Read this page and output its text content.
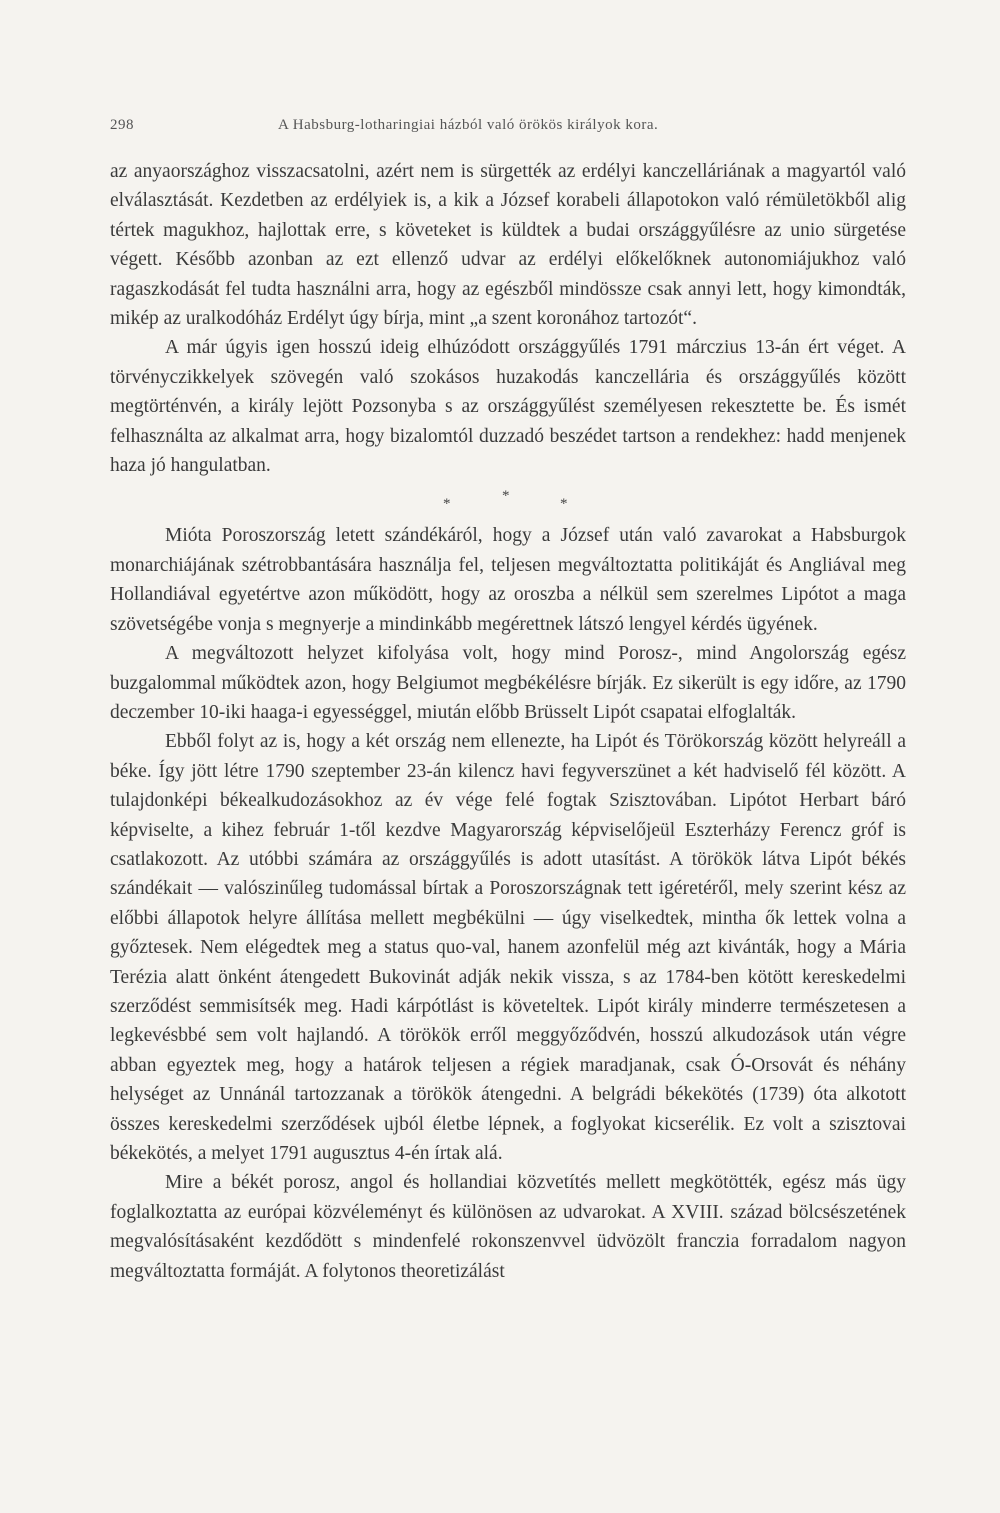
298	A Habsburg-lotharingiai házból való örökös királyok kora.

az anyaországhoz visszacsatolni, azért nem is sürgették az erdélyi kanczelláriának a magyartól való elválasztását. Kezdetben az erdélyiek is, a kik a József korabeli állapotokon való rémületökből alig tértek magukhoz, hajlottak erre, s követeket is küldtek a budai országgyűlésre az unio sürgetése végett. Később azonban az ezt ellenző udvar az erdélyi előkelőknek autonomiájukhoz való ragaszkodását fel tudta használni arra, hogy az egészből mindössze csak annyi lett, hogy kimondták, mikép az uralkodóház Erdélyt úgy bírja, mint „a szent koronához tartozót“.

A már úgyis igen hosszú ideig elhúzódott országgyűlés 1791 márczius 13-án ért véget. A törvényczikkelyek szövegén való szokásos huzakodás kanczellária és országgyűlés között megtörténvén, a király lejött Pozsonyba s az országgyűlést személyesen rekesztette be. És ismét felhasználta az alkalmat arra, hogy bizalomtól duzzadó beszédet tartson a rendekhez: hadd menjenek haza jó hangulatban.

*	*	*

Mióta Poroszország letett szándékáról, hogy a József után való zavarokat a Habsburgok monarchiájának szétrobbantására használja fel, teljesen megváltoztatta politikáját és Angliával meg Hollandiával egyetértve azon működött, hogy az oroszba a nélkül sem szerelmes Lipótot a maga szövetségébe vonja s megnyerje a mindinkább megérettnek látszó lengyel kérdés ügyének.

A megváltozott helyzet kifolyása volt, hogy mind Porosz-, mind Angolország egész buzgalommal működtek azon, hogy Belgiumot megbékélésre bírják. Ez sikerült is egy időre, az 1790 deczember 10-iki haaga-i egyességgel, miután előbb Brüsselt Lipót csapatai elfoglalták.

Ebből folyt az is, hogy a két ország nem ellenezte, ha Lipót és Törökország között helyreáll a béke. Így jött létre 1790 szeptember 23-án kilencz havi fegyverszünet a két hadviselő fél között. A tulajdonképi békealkudozásokhoz az év vége felé fogtak Szisztovában. Lipótot Herbart báró képviselte, a kihez február 1-től kezdve Magyarország képviselőjeül Eszterházy Ferencz gróf is csatlakozott. Az utóbbi számára az országgyűlés is adott utasítást. A törökök látva Lipót békés szándékait — valószinűleg tudomással bírtak a Poroszországnak tett igéretéről, mely szerint kész az előbbi állapotok helyre állítása mellett megbékülni — úgy viselkedtek, mintha ők lettek volna a győztesek. Nem elégedtek meg a status quo-val, hanem azonfelül még azt kivánták, hogy a Mária Terézia alatt önként átengedett Bukovinát adják nekik vissza, s az 1784-ben kötött kereskedelmi szerződést semmisítsék meg. Hadi kárpótlást is követeltek. Lipót király minderre természetesen a legkevésbbé sem volt hajlandó. A törökök erről meggyőződvén, hosszú alkudozások után végre abban egyeztek meg, hogy a határok teljesen a régiek maradjanak, csak Ó-Orsovát és néhány helységet az Unnánál tartozzanak a törökök átengedni. A belgrádi békekötés (1739) óta alkotott összes kereskedelmi szerződések ujból életbe lépnek, a foglyokat kicserélik. Ez volt a szisztovai békekötés, a melyet 1791 augusztus 4-én írtak alá.

Mire a békét porosz, angol és hollandiai közvetítés mellett megkötötték, egész más ügy foglalkoztatta az európai közvéleményt és különösen az udvarokat. A XVIII. század bölcsészetének megvalósításaként kezdődött s mindenfelé rokonszenvvel üdvözölt franczia forradalom nagyon megváltoztatta formáját. A folytonos theoretizálást
